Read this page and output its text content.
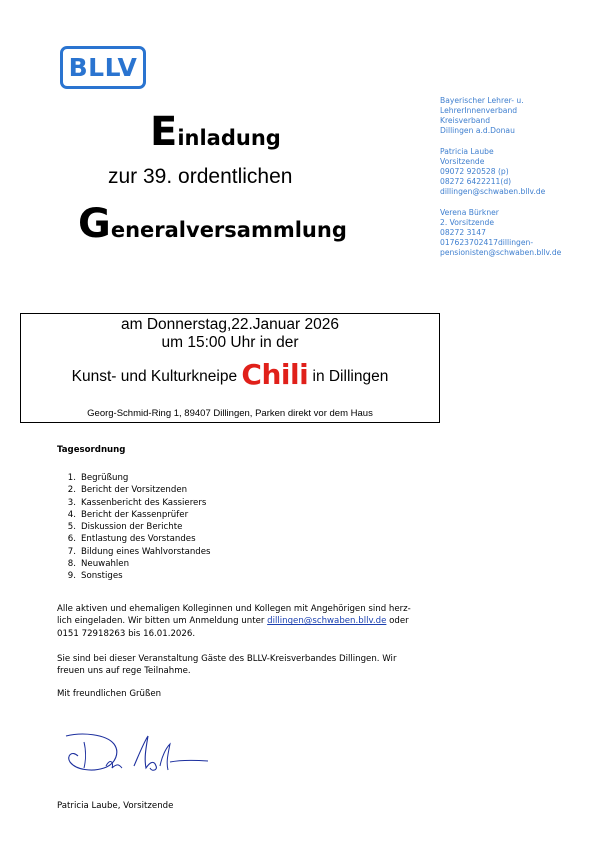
BLLV
Einladung
zur 39. ordentlichen
Generalversammlung
Bayerischer Lehrer- u.
LehrerInnenverband
Kreisverband
Dillingen a.d.Donau
Patricia Laube
Vorsitzende
09072 920528 (p)
08272 6422211(d)
dillingen@schwaben.bllv.de
Verena Bürkner
2. Vorsitzende
08272 3147
017623702417dillingen-
pensionisten@schwaben.bllv.de
am Donnerstag,22.Januar 2026
um 15:00 Uhr in der
Kunst- und Kulturkneipe Chili in Dillingen
Georg-Schmid-Ring 1, 89407 Dillingen, Parken direkt vor dem Haus
Tagesordnung
1. Begrüßung
2. Bericht der Vorsitzenden
3. Kassenbericht des Kassierers
4. Bericht der Kassenprüfer
5. Diskussion der Berichte
6. Entlastung des Vorstandes
7. Bildung eines Wahlvorstandes
8. Neuwahlen
9. Sonstiges
Alle aktiven und ehemaligen Kolleginnen und Kollegen mit Angehörigen sind herz-
lich eingeladen. Wir bitten um Anmeldung unter dillingen@schwaben.bllv.de oder
0151 72918263 bis 16.01.2026.
Sie sind bei dieser Veranstaltung Gäste des BLLV-Kreisverbandes Dillingen. Wir
freuen uns auf rege Teilnahme.
Mit freundlichen Grüßen
Patricia Laube, Vorsitzende
